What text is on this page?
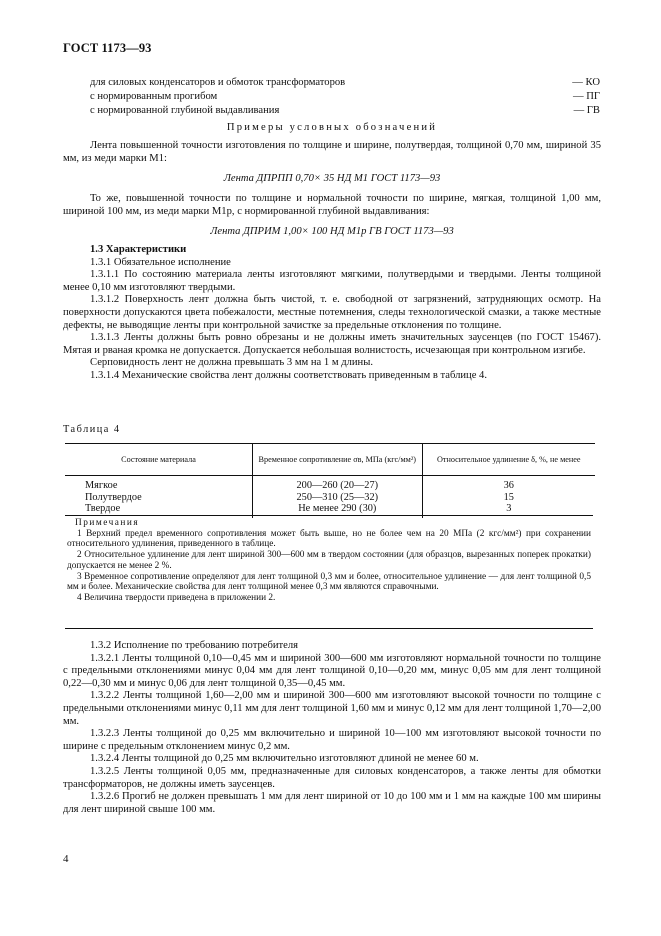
ГОСТ 1173—93
для силовых конденсаторов и обмоток трансформаторов	— КО
с нормированным прогибом	— ПГ
с нормированной глубиной выдавливания	— ГВ
Примеры условных обозначений

Лента повышенной точности изготовления по толщине и ширине, полутвердая, толщиной 0,70 мм, шириной 35 мм, из меди марки М1:

Лента ДПРПП 0,70× 35 НД М1 ГОСТ 1173—93

То же, повышенной точности по толщине и нормальной точности по ширине, мягкая, толщиной 1,00 мм, шириной 100 мм, из меди марки М1р, с нормированной глубиной выдавливания:

Лента ДПРИМ 1,00× 100 НД М1р ГВ ГОСТ 1173—93

1.3 Характеристики

1.3.1 Обязательное исполнение

1.3.1.1 По состоянию материала ленты изготовляют мягкими, полутвердыми и твердыми. Ленты толщиной менее 0,10 мм изготовляют твердыми.

1.3.1.2 Поверхность лент должна быть чистой, т. е. свободной от загрязнений, затрудняющих осмотр. На поверхности допускаются цвета побежалости, местные потемнения, следы технологической смазки, а также местные дефекты, не выводящие ленты при контрольной зачистке за предельные отклонения по толщине.

1.3.1.3 Ленты должны быть ровно обрезаны и не должны иметь значительных заусенцев (по ГОСТ 15467). Мятая и рваная кромка не допускается. Допускается небольшая волнистость, исчезающая при контрольном изгибе.

Серповидность лент не должна превышать 3 мм на 1 м длины.

1.3.1.4 Механические свойства лент должны соответствовать приведенным в таблице 4.

Таблица 4
Состояние материала	Временное сопротивление σв, МПа (кгс/мм²)	Относительное удлинение δ, %, не менее
Мягкое	200—260 (20—27)	36
Полутвердое	250—310 (25—32)	15
Твердое	Не менее 290 (30)	3

Примечания

1 Верхний предел временного сопротивления может быть выше, но не более чем на 20 МПа (2 кгс/мм²) при сохранении относительного удлинения, приведенного в таблице.

2 Относительное удлинение для лент шириной 300—600 мм в твердом состоянии (для образцов, вырезанных поперек прокатки) допускается не менее 2 %.

3 Временное сопротивление определяют для лент толщиной 0,3 мм и более, относительное удлинение — для лент толщиной 0,5 мм и более. Механические свойства для лент толщиной менее 0,3 мм являются справочными.

4 Величина твердости приведена в приложении 2.

1.3.2 Исполнение по требованию потребителя

1.3.2.1 Ленты толщиной 0,10—0,45 мм и шириной 300—600 мм изготовляют нормальной точности по толщине с предельными отклонениями минус 0,04 мм для лент толщиной 0,10—0,20 мм, минус 0,05 мм для лент толщиной 0,22—0,30 мм и минус 0,06 для лент толщиной 0,35—0,45 мм.

1.3.2.2 Ленты толщиной 1,60—2,00 мм и шириной 300—600 мм изготовляют высокой точности по толщине с предельными отклонениями минус 0,11 мм для лент толщиной 1,60 мм и минус 0,12 мм для лент толщиной 1,70—2,00 мм.

1.3.2.3 Ленты толщиной до 0,25 мм включительно и шириной 10—100 мм изготовляют высокой точности по ширине с предельным отклонением минус 0,2 мм.

1.3.2.4 Ленты толщиной до 0,25 мм включительно изготовляют длиной не менее 60 м.

1.3.2.5 Ленты толщиной 0,05 мм, предназначенные для силовых конденсаторов, а также ленты для обмотки трансформаторов, не должны иметь заусенцев.

1.3.2.6 Прогиб не должен превышать 1 мм для лент шириной от 10 до 100 мм и 1 мм на каждые 100 мм ширины для лент шириной свыше 100 мм.

4
